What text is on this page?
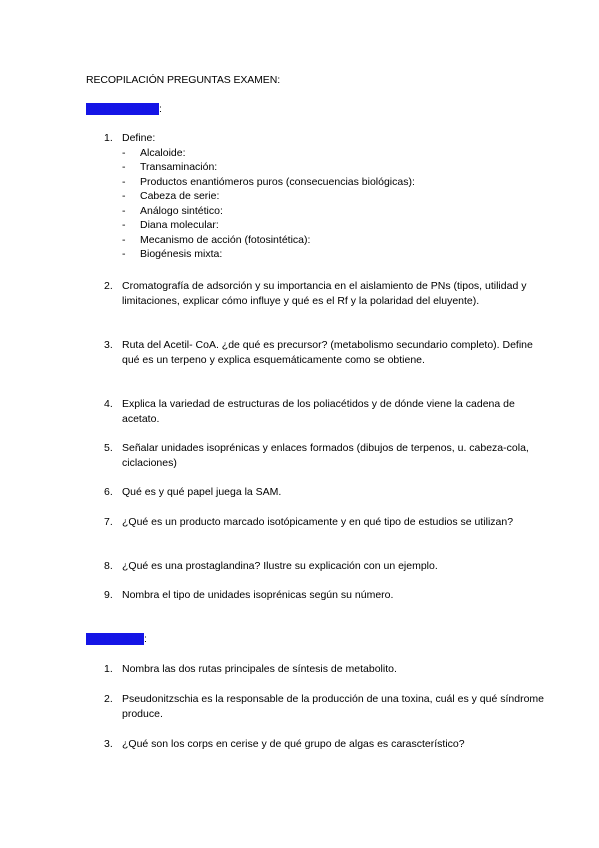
RECOPILACIÓN PREGUNTAS EXAMEN:
PARTE JAVIER:
1. Define:
- Alcaloide:
- Transaminación:
- Productos enantiómeros puros (consecuencias biológicas):
- Cabeza de serie:
- Análogo sintético:
- Diana molecular:
- Mecanismo de acción (fotosintética):
- Biogénesis mixta:
2. Cromatografía de adsorción y su importancia en el aislamiento de PNs (tipos, utilidad y limitaciones, explicar cómo influye y qué es el Rf y la polaridad del eluyente).
3. Ruta del Acetil- CoA. ¿de qué es precursor? (metabolismo secundario completo). Define qué es un terpeno y explica esquemáticamente como se obtiene.
4. Explica la variedad de estructuras de los poliacétidos y de dónde viene la cadena de acetato.
5. Señalar unidades isoprénicas y enlaces formados (dibujos de terpenos, u. cabeza-cola, ciclaciones)
6. Qué es y qué papel juega la SAM.
7. ¿Qué es un producto marcado isotópicamente y en qué tipo de estudios se utilizan?
8. ¿Qué es una prostaglandina? Ilustre su explicación con un ejemplo.
9. Nombra el tipo de unidades isoprénicas según su número.
PARTE ANA:
1. Nombra las dos rutas principales de síntesis de metabolito.
2. Pseudonitzschia es la responsable de la producción de una toxina, cuál es y qué síndrome produce.
3. ¿Qué son los corps en cerise y de qué grupo de algas es carascterístico?
